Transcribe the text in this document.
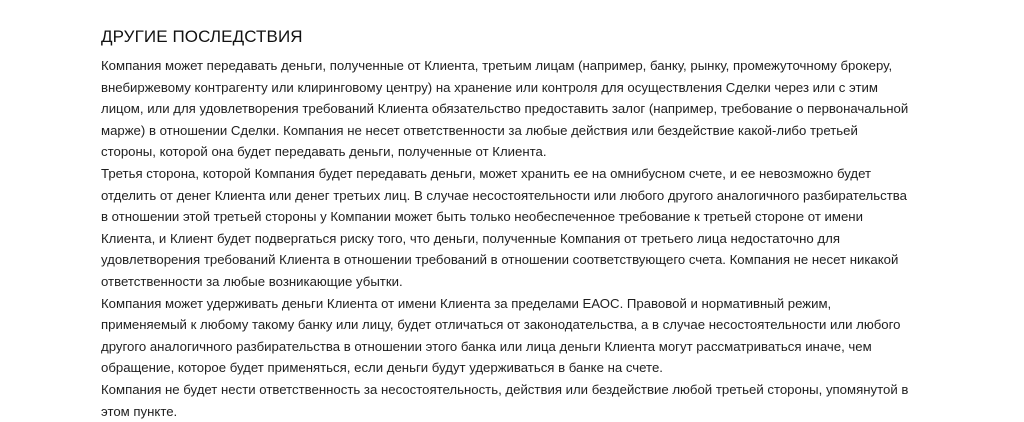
ДРУГИЕ ПОСЛЕДСТВИЯ

Компания может передавать деньги, полученные от Клиента, третьим лицам (например, банку, рынку, промежуточному брокеру,
внебиржевому контрагенту или клиринговому центру) на хранение или контроля для осуществления Сделки через или с этим
лицом, или для удовлетворения требований Клиента обязательство предоставить залог (например, требование о первоначальной
марже) в отношении Сделки. Компания не несет ответственности за любые действия или бездействие какой-либо третьей
стороны, которой она будет передавать деньги, полученные от Клиента.

Третья сторона, которой Компания будет передавать деньги, может хранить ее на омнибусном счете, и ее невозможно будет
отделить от денег Клиента или денег третьих лиц. В случае несостоятельности или любого другого аналогичного разбирательства
в отношении этой третьей стороны у Компании может быть только необеспеченное требование к третьей стороне от имени
Клиента, и Клиент будет подвергаться риску того, что деньги, полученные Компания от третьего лица недостаточно для
удовлетворения требований Клиента в отношении требований в отношении соответствующего счета. Компания не несет никакой
ответственности за любые возникающие убытки.

Компания может удерживать деньги Клиента от имени Клиента за пределами ЕАОС. Правовой и нормативный режим,
применяемый к любому такому банку или лицу, будет отличаться от законодательства, а в случае несостоятельности или любого
другого аналогичного разбирательства в отношении этого банка или лица деньги Клиента могут рассматриваться иначе, чем
обращение, которое будет применяться, если деньги будут удерживаться в банке на счете.

Компания не будет нести ответственность за несостоятельность, действия или бездействие любой третьей стороны, упомянутой в
этом пункте.
